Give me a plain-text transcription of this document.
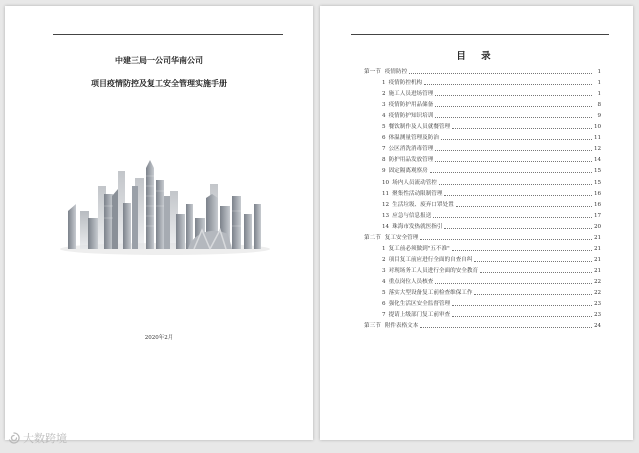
中建三局一公司华南公司
项目疫情防控及复工安全管理实施手册
2020年2月
目 录
第一节 疫情防控	1
1 疫情防控机构	1
2 施工人员进场管理	1
3 疫情防护用品储备	8
4 疫情防护知识培训	9
5 餐饮制作及人员就餐管理	10
6 体温测量管理及防治	11
7 公区消洗消毒管理	12
8 防护用品发放管理	14
9 固定隔离观察房	15
10 场内人员流动管控	15
11 聚集性活动限制管理	16
12 生活垃圾、废弃口罩处置	16
13 应急与信息报送	17
14 珠海市发热就医指引	20
第二节 复工安全管理	21
1 复工前必须做到"五不准"	21
2 项目复工前应进行全面的自查自纠	21
3 对现场务工人员进行全面的安全教育	21
4 重点岗位人员核查	22
5 落实大型设备复工前检查维保工作	22
6 强化生活区安全监督管理	23
7 提请上级部门复工前审查	23
第三节 附件表格文本	24
大数跨境
